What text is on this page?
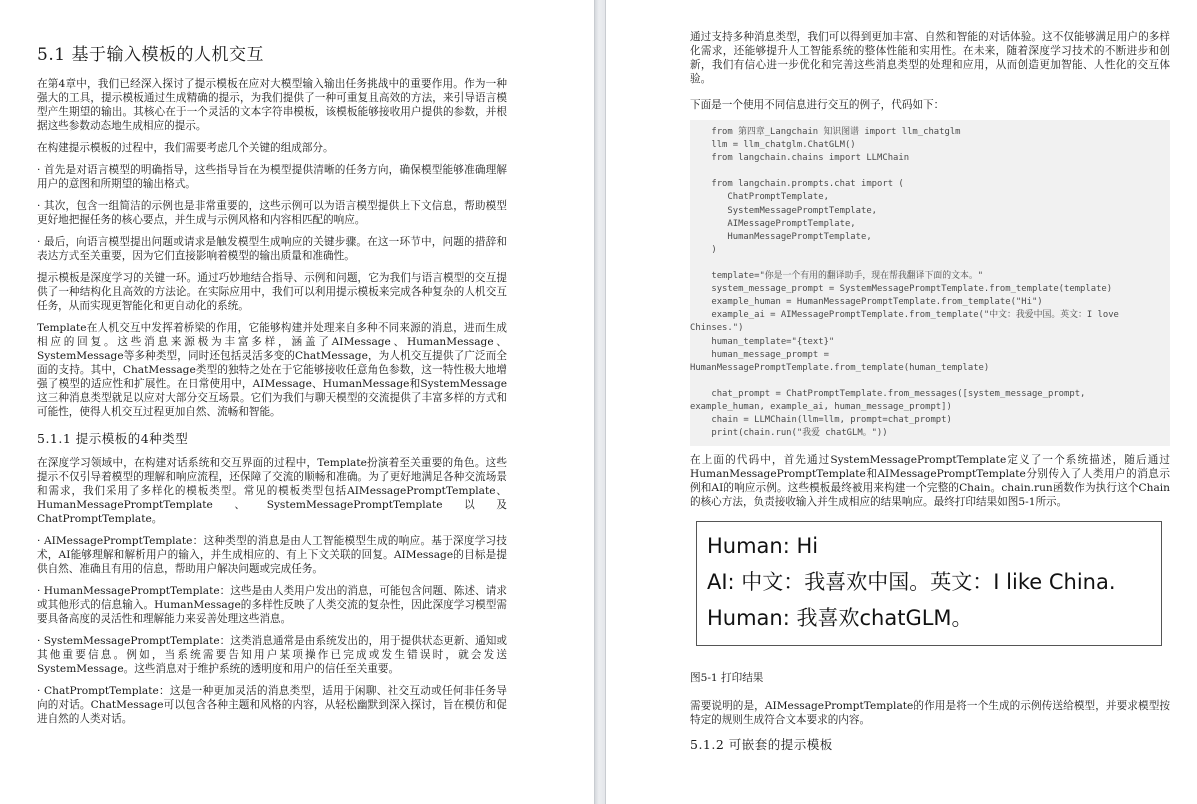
5.1 基于输入模板的人机交互

在第4章中，我们已经深入探讨了提示模板在应对大模型输入输出任务挑战中的重要作用。作为一种强大的工具，提示模板通过生成精确的提示，为我们提供了一种可重复且高效的方法，来引导语言模型产生期望的输出。其核心在于一个灵活的文本字符串模板，该模板能够接收用户提供的参数，并根据这些参数动态地生成相应的提示。

在构建提示模板的过程中，我们需要考虑几个关键的组成部分。

· 首先是对语言模型的明确指导，这些指导旨在为模型提供清晰的任务方向，确保模型能够准确理解用户的意图和所期望的输出格式。

· 其次，包含一组简洁的示例也是非常重要的，这些示例可以为语言模型提供上下文信息，帮助模型更好地把握任务的核心要点，并生成与示例风格和内容相匹配的响应。

· 最后，向语言模型提出问题或请求是触发模型生成响应的关键步骤。在这一环节中，问题的措辞和表达方式至关重要，因为它们直接影响着模型的输出质量和准确性。

提示模板是深度学习的关键一环。通过巧妙地结合指导、示例和问题，它为我们与语言模型的交互提供了一种结构化且高效的方法论。在实际应用中，我们可以利用提示模板来完成各种复杂的人机交互任务，从而实现更智能化和更自动化的系统。

Template在人机交互中发挥着桥梁的作用，它能够构建并处理来自多种不同来源的消息，进而生成相应的回复。这些消息来源极为丰富多样，涵盖了AIMessage、HumanMessage、SystemMessage等多种类型，同时还包括灵活多变的ChatMessage，为人机交互提供了广泛而全面的支持。其中，ChatMessage类型的独特之处在于它能够接收任意角色参数，这一特性极大地增强了模型的适应性和扩展性。在日常使用中，AIMessage、HumanMessage和SystemMessage这三种消息类型就足以应对大部分交互场景。它们为我们与聊天模型的交流提供了丰富多样的方式和可能性，使得人机交互过程更加自然、流畅和智能。

5.1.1 提示模板的4种类型

在深度学习领域中，在构建对话系统和交互界面的过程中，Template扮演着至关重要的角色。这些提示不仅引导着模型的理解和响应流程，还保障了交流的顺畅和准确。为了更好地满足各种交流场景和需求，我们采用了多样化的模板类型。常见的模板类型包括AIMessagePromptTemplate、HumanMessagePromptTemplate、SystemMessagePromptTemplate以及ChatPromptTemplate。

· AIMessagePromptTemplate：这种类型的消息是由人工智能模型生成的响应。基于深度学习技术，AI能够理解和解析用户的输入，并生成相应的、有上下文关联的回复。AIMessage的目标是提供自然、准确且有用的信息，帮助用户解决问题或完成任务。

· HumanMessagePromptTemplate：这些是由人类用户发出的消息，可能包含问题、陈述、请求或其他形式的信息输入。HumanMessage的多样性反映了人类交流的复杂性，因此深度学习模型需要具备高度的灵活性和理解能力来妥善处理这些消息。

· SystemMessagePromptTemplate：这类消息通常是由系统发出的，用于提供状态更新、通知或其他重要信息。例如，当系统需要告知用户某项操作已完成或发生错误时，就会发送SystemMessage。这些消息对于维护系统的透明度和用户的信任至关重要。

· ChatPromptTemplate：这是一种更加灵活的消息类型，适用于闲聊、社交互动或任何非任务导向的对话。ChatMessage可以包含各种主题和风格的内容，从轻松幽默到深入探讨，旨在模仿和促进自然的人类对话。

通过支持多种消息类型，我们可以得到更加丰富、自然和智能的对话体验。这不仅能够满足用户的多样化需求，还能够提升人工智能系统的整体性能和实用性。在未来，随着深度学习技术的不断进步和创新，我们有信心进一步优化和完善这些消息类型的处理和应用，从而创造更加智能、人性化的交互体验。

下面是一个使用不同信息进行交互的例子，代码如下：

from 第四章_Langchain 知识图谱 import llm_chatglm
llm = llm_chatglm.ChatGLM()
from langchain.chains import LLMChain
from langchain.prompts.chat import (
ChatPromptTemplate,
SystemMessagePromptTemplate,
AIMessagePromptTemplate,
HumanMessagePromptTemplate,
)
template="你是一个有用的翻译助手，现在帮我翻译下面的文本。"
system_message_prompt = SystemMessagePromptTemplate.from_template(template)
example_human = HumanMessagePromptTemplate.from_template("Hi")
example_ai = AIMessagePromptTemplate.from_template("中文：我爱中国。英文：I love
Chinses.")
human_template="{text}"
human_message_prompt =
HumanMessagePromptTemplate.from_template(human_template)
chat_prompt = ChatPromptTemplate.from_messages([system_message_prompt,
example_human, example_ai, human_message_prompt])
chain = LLMChain(llm=llm, prompt=chat_prompt)
print(chain.run("我爱 chatGLM。"))

在上面的代码中，首先通过SystemMessagePromptTemplate定义了一个系统描述，随后通过HumanMessagePromptTemplate和AIMessagePromptTemplate分别传入了人类用户的消息示例和AI的响应示例。这些模板最终被用来构建一个完整的Chain。chain.run函数作为执行这个Chain的核心方法，负责接收输入并生成相应的结果响应。最终打印结果如图5-1所示。

Human: Hi
AI: 中文：我喜欢中国。英文：I like China.
Human: 我喜欢chatGLM。
图5-1 打印结果

需要说明的是，AIMessagePromptTemplate的作用是将一个生成的示例传送给模型，并要求模型按特定的规则生成符合文本要求的内容。

5.1.2 可嵌套的提示模板
